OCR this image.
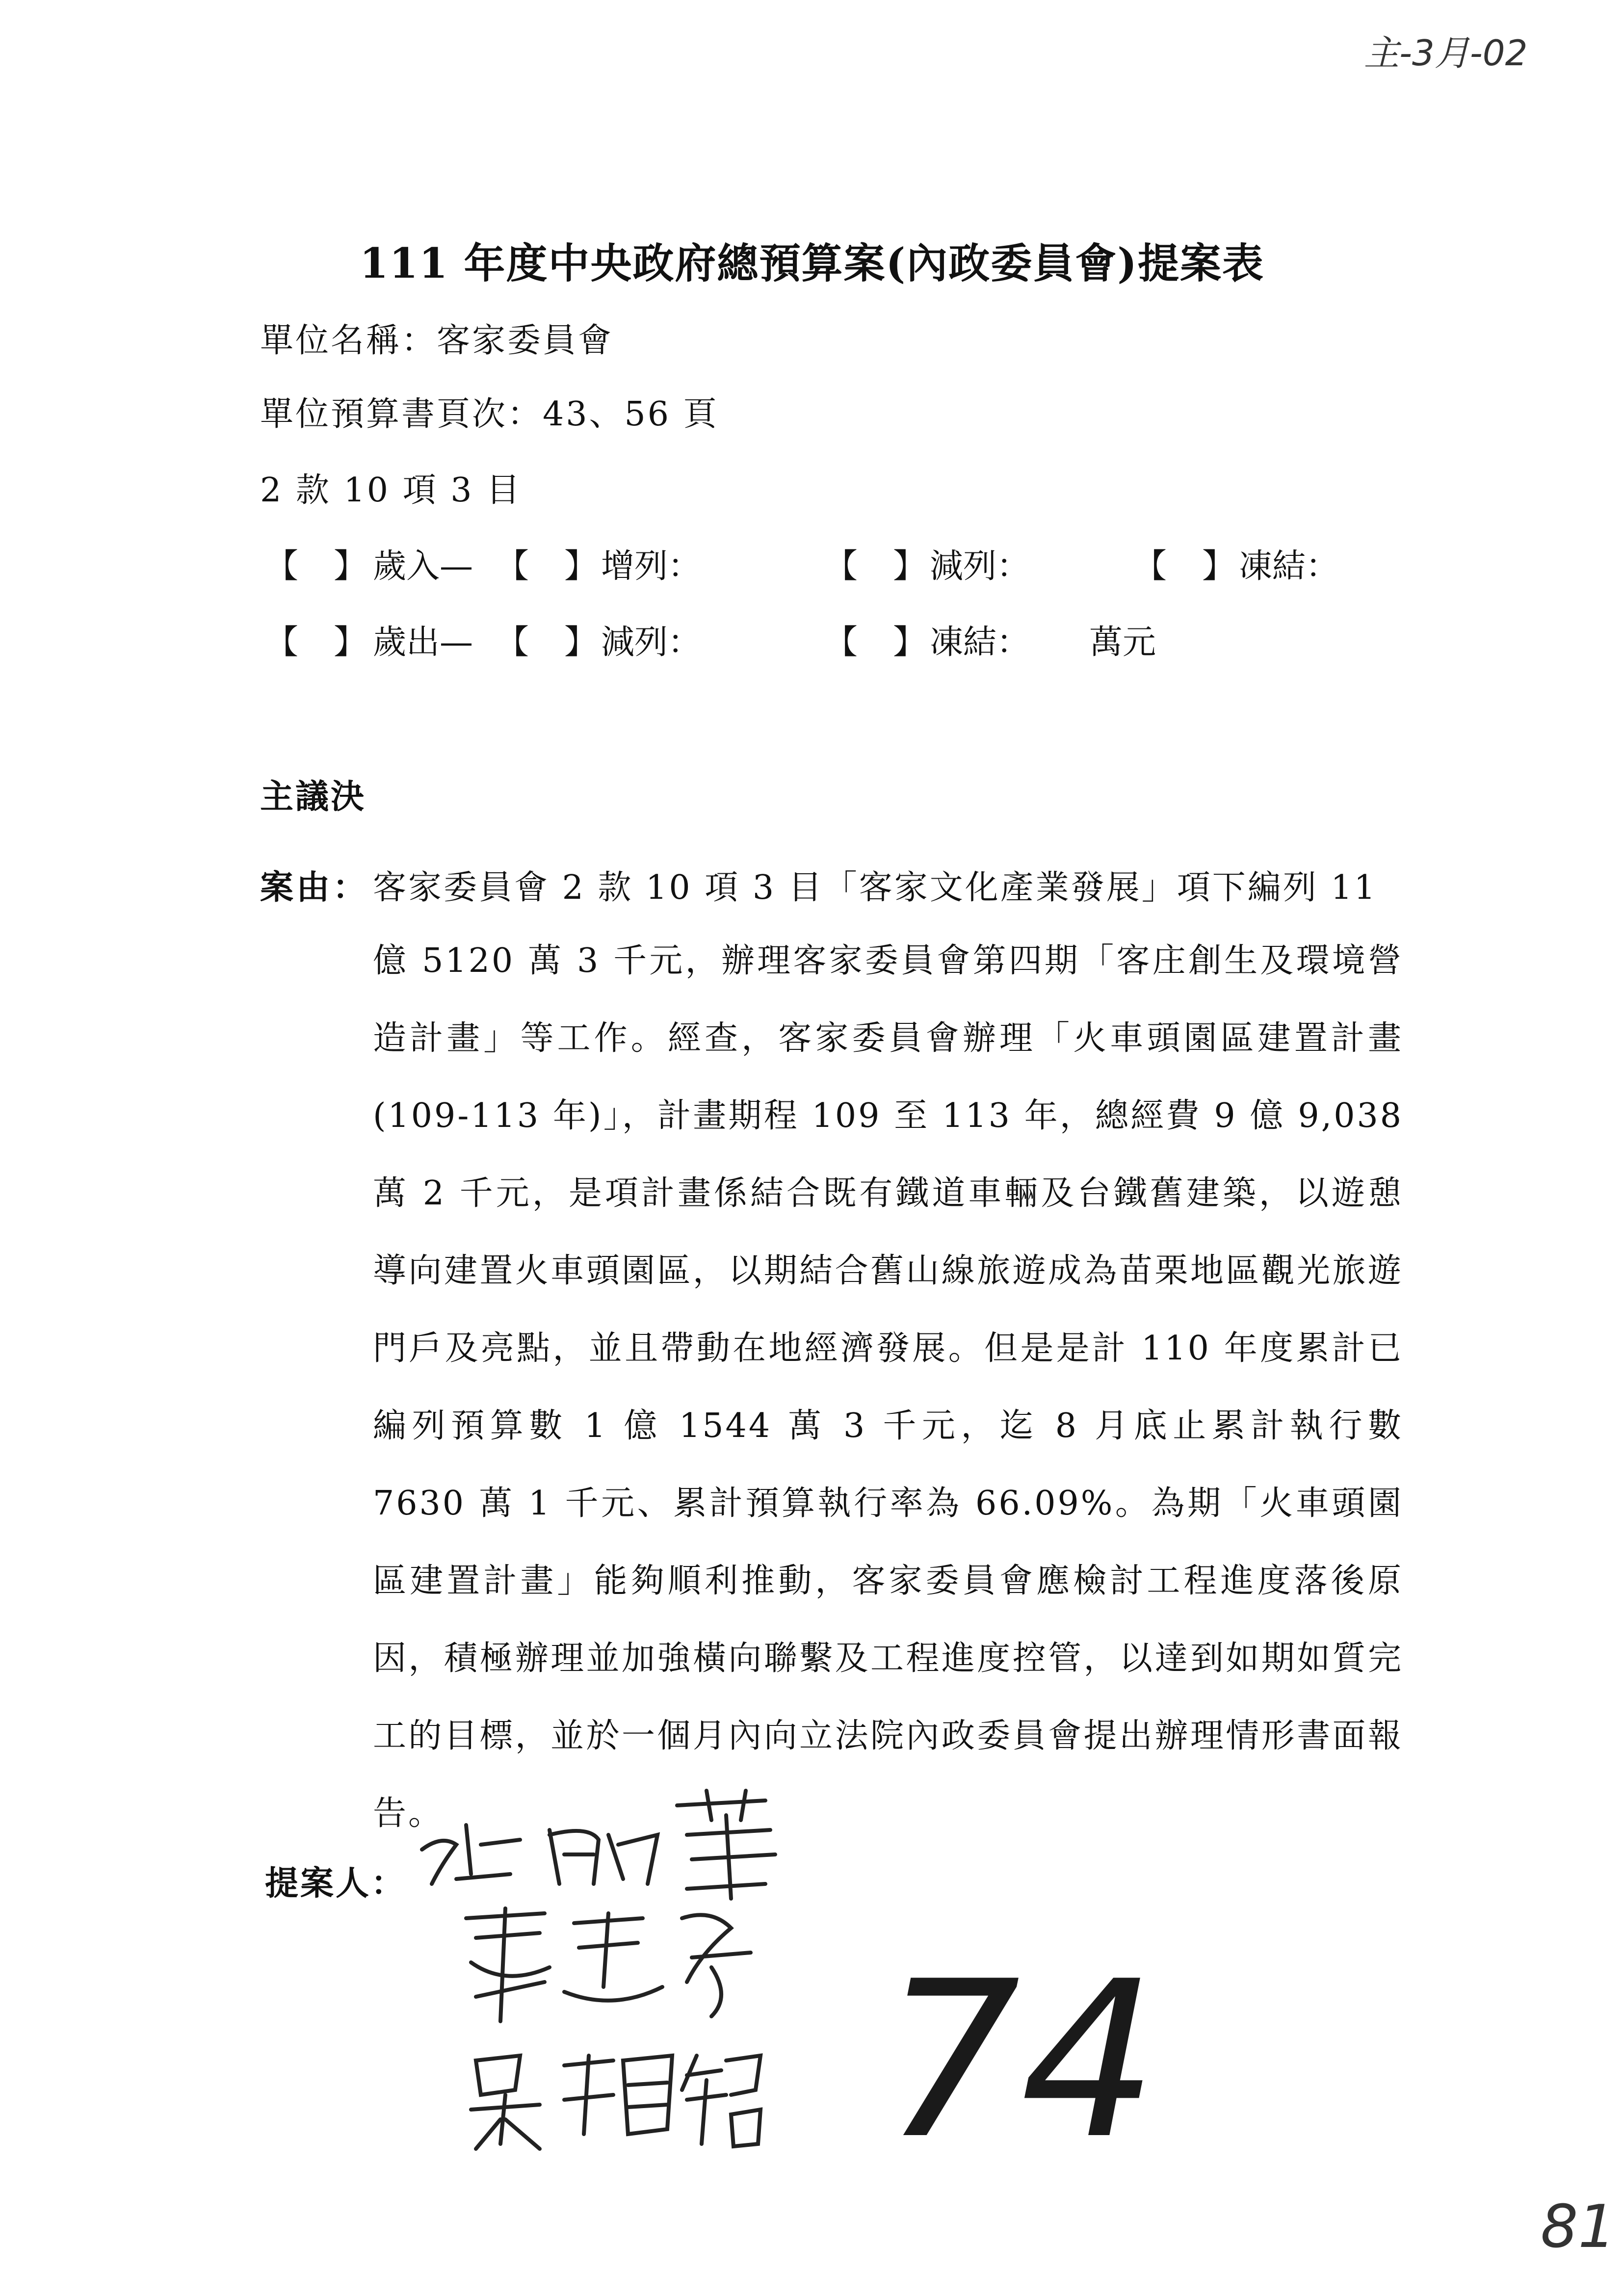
主-3月-02
111 年度中央政府總預算案(內政委員會)提案表
單位名稱：客家委員會
單位預算書頁次：43、56 頁
2 款 10 項 3 目
【 】 歲入— 【 】 增列：	【 】 減列：	【 】 凍結：
【 】 歲出— 【 】 減列：	【 】 凍結： 萬元
主議決
案由： 客家委員會 2 款 10 項 3 目「客家文化產業發展」項下編列 11
億 5120 萬 3 千元，辦理客家委員會第四期「客庄創生及環境營造計畫」等工作。經查，客家委員會辦理「火車頭園區建置計畫(109-113 年)」，計畫期程 109 至 113 年，總經費 9 億 9,038 萬 2 千元，是項計畫係結合既有鐵道車輛及台鐵舊建築，以遊憩導向建置火車頭園區，以期結合舊山線旅遊成為苗栗地區觀光旅遊門戶及亮點，並且帶動在地經濟發展。但是是計 110 年度累計已編列預算數 1 億 1544 萬 3 千元，迄 8 月底止累計執行數 7630 萬 1 千元、累計預算執行率為 66.09%。為期「火車頭園區建置計畫」能夠順利推動，客家委員會應檢討工程進度落後原因，積極辦理並加強橫向聯繫及工程進度控管，以達到如期如質完工的目標，並於一個月內向立法院內政委員會提出辦理情形書面報告。
提案人：
74
81
